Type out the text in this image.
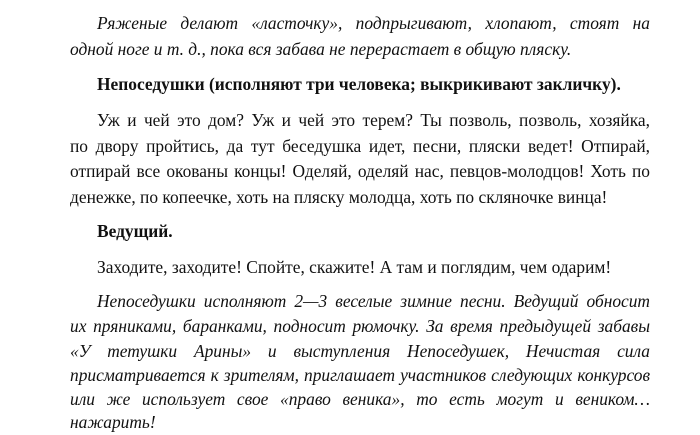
Ряженые делают «ласточку», подпрыгивают, хлопают, стоят на
одной ноге и т. д., пока вся забава не перерастает в общую пляску.
Непоседушки (исполняют три человека; выкрикивают закличку).
Уж и чей это дом? Уж и чей это терем? Ты позволь, позволь, хозяйка,
по двору пройтись, да тут беседушка идет, песни, пляски ведет! Отпирай,
отпирай все окованы концы! Оделяй, оделяй нас, певцов-молодцов! Хоть по
денежке, по копеечке, хоть на пляску молодца, хоть по скляночке винца!
Ведущий.
Заходите, заходите! Спойте, скажите! А там и поглядим, чем одарим!
Непоседушки исполняют 2—3 веселые зимние песни. Ведущий обносит
их пряниками, баранками, подносит рюмочку. За время предыдущей забавы
«У тетушки Арины» и выступления Непоседушек, Нечистая сила
присматривается к зрителям, приглашает участников следующих конкурсов
или же использует свое «право веника», то есть могут и веником…
нажарить!
